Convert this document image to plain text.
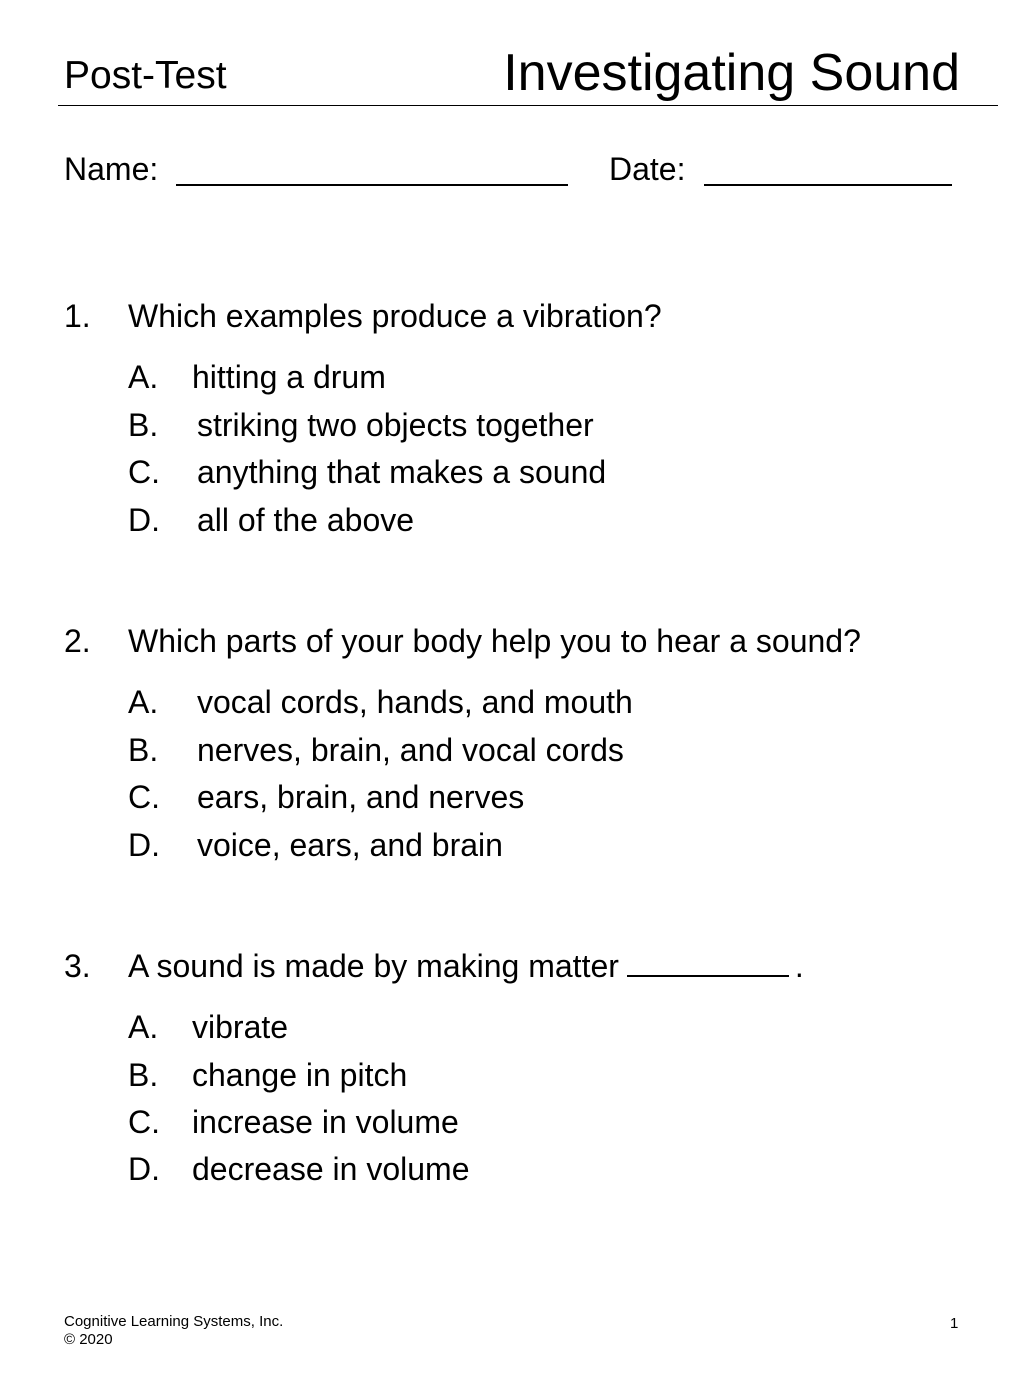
Post-Test	Investigating Sound
Name:	Date:
1. Which examples produce a vibration?
A. hitting a drum
B. striking two objects together
C. anything that makes a sound
D. all of the above
2. Which parts of your body help you to hear a sound?
A. vocal cords, hands, and mouth
B. nerves, brain, and vocal cords
C. ears, brain, and nerves
D. voice, ears, and brain
3. A sound is made by making matter	.
A. vibrate
B. change in pitch
C. increase in volume
D. decrease in volume
Cognitive Learning Systems, Inc.
© 2020
1
